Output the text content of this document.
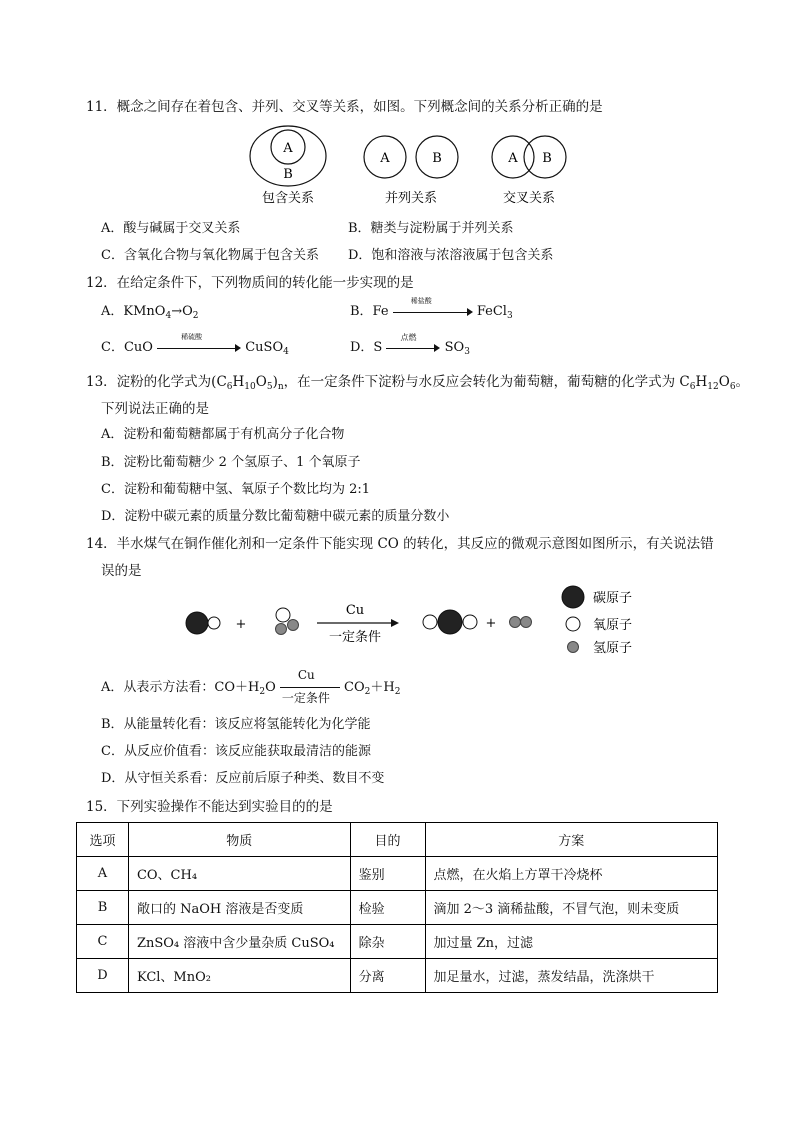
11．概念之间存在着包含、并列、交叉等关系，如图。下列概念间的关系分析正确的是
A
B
包含关系
A	B
并列关系
A B
交叉关系
A．酸与碱属于交叉关系	B．糖类与淀粉属于并列关系
C．含氧化合物与氧化物属于包含关系 D．饱和溶液与浓溶液属于包含关系
12．在给定条件下，下列物质间的转化能一步实现的是
A．$KMnO_4\to O_2$	B．Fe
稀盐酸
FeCl$_3$
C．CuO
稀硫酸
CuSO$_4$	D．S
点燃
$SO_3$
13．淀粉的化学式为$(C_6H_{10}O_5)_n$，在一定条件下淀粉与水反应会转化为葡萄糖，葡萄糖的化学式为 $C_6H_{12}O_6$。
下列说法正确的是
A．淀粉和葡萄糖都属于有机高分子化合物
B．淀粉比葡萄糖少 2 个氢原子、1 个氧原子
C．淀粉和葡萄糖中氢、氧原子个数比均为 2:1
D．淀粉中碳元素的质量分数比葡萄糖中碳元素的质量分数小
14．半水煤气在铜作催化剂和一定条件下能实现 CO 的转化，其反应的微观示意图如图所示，有关说法错
误的是
+
Cu
一定条件
+
碳原子
氧原子
氢原子
A．从表示方法看：$CO+H_2O$
Cu
一定条件
$CO_2+H_2$
B．从能量转化看：该反应将氢能转化为化学能
C．从反应价值看：该反应能获取最清洁的能源
D．从守恒关系看：反应前后原子种类、数目不变
15．下列实验操作不能达到实验目的的是
选项	物质	目的	方案
A	CO、CH₄	鉴别	点燃，在火焰上方罩干冷烧杯
B	敞口的 NaOH 溶液是否变质	检验	滴加 2～3 滴稀盐酸，不冒气泡，则未变质
C	ZnSO₄ 溶液中含少量杂质 CuSO₄	除杂	加过量 Zn，过滤
D	KCl、MnO₂	分离	加足量水，过滤，蒸发结晶，洗涤烘干
